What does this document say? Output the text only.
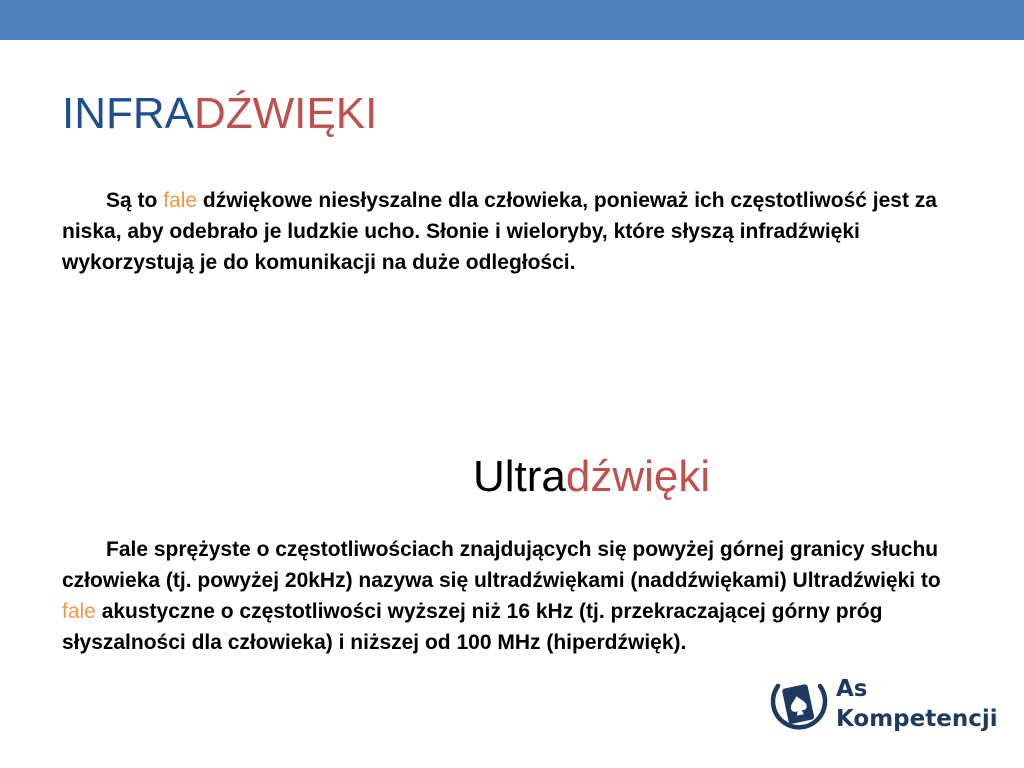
INFRADŹWIĘKI

Są to fale dźwiękowe niesłyszalne dla człowieka, ponieważ ich częstotliwość jest za niska, aby odebrało je ludzkie ucho. Słonie i wieloryby, które słyszą infradźwięki wykorzystują je do komunikacji na duże odległości.

Ultradźwięki

Fale sprężyste o częstotliwościach znajdujących się powyżej górnej granicy słuchu człowieka (tj. powyżej 20kHz) nazywa się ultradźwiękami (naddźwiękami) Ultradźwięki to fale akustyczne o częstotliwości wyższej niż 16 kHz (tj. przekraczającej górny próg słyszalności dla człowieka) i niższej od 100 MHz (hiperdźwięk).

As
Kompetencji
